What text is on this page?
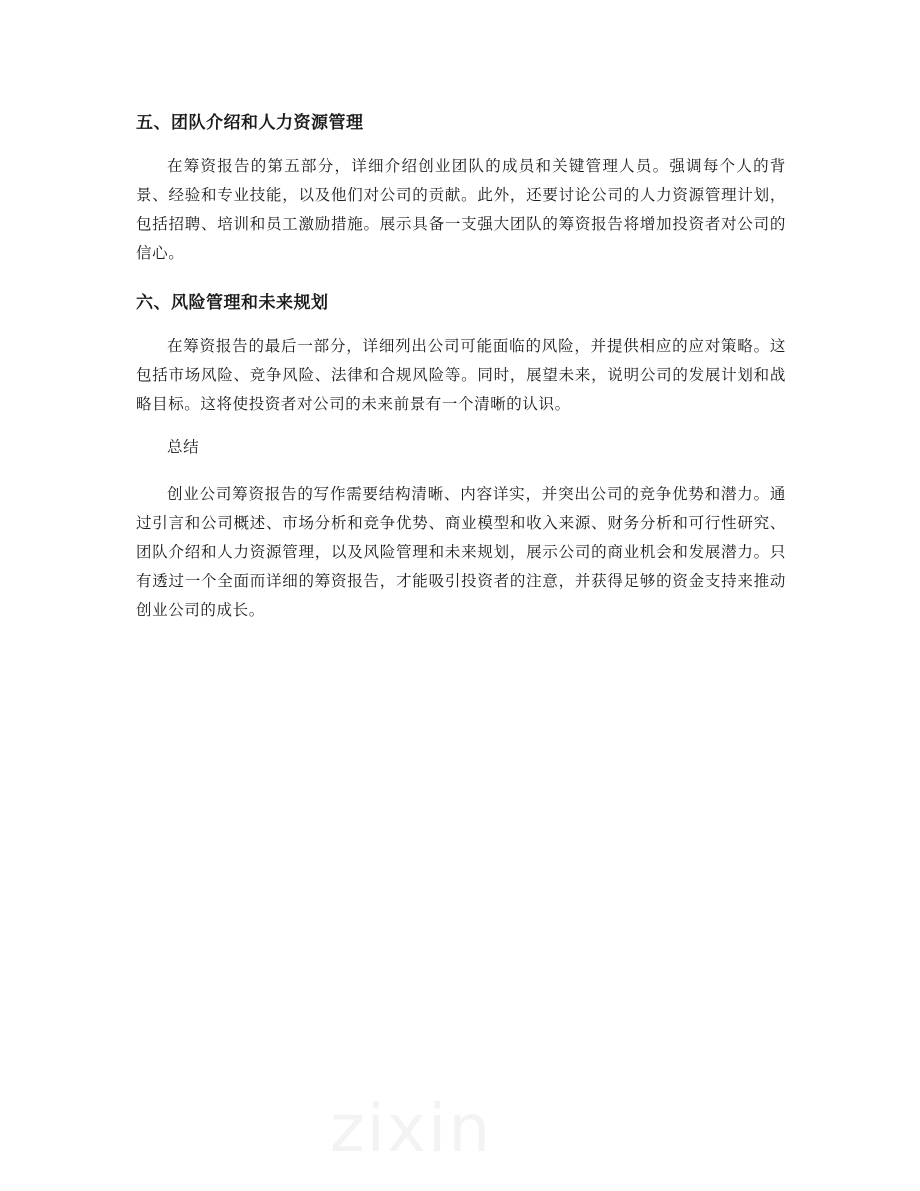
五、团队介绍和人力资源管理

在筹资报告的第五部分，详细介绍创业团队的成员和关键管理人员。强调每个人的背景、经验和专业技能，以及他们对公司的贡献。此外，还要讨论公司的人力资源管理计划，包括招聘、培训和员工激励措施。展示具备一支强大团队的筹资报告将增加投资者对公司的信心。

六、风险管理和未来规划

在筹资报告的最后一部分，详细列出公司可能面临的风险，并提供相应的应对策略。这包括市场风险、竞争风险、法律和合规风险等。同时，展望未来，说明公司的发展计划和战略目标。这将使投资者对公司的未来前景有一个清晰的认识。

总结

创业公司筹资报告的写作需要结构清晰、内容详实，并突出公司的竞争优势和潜力。通过引言和公司概述、市场分析和竞争优势、商业模型和收入来源、财务分析和可行性研究、团队介绍和人力资源管理，以及风险管理和未来规划，展示公司的商业机会和发展潜力。只有透过一个全面而详细的筹资报告，才能吸引投资者的注意，并获得足够的资金支持来推动创业公司的成长。

zixin
